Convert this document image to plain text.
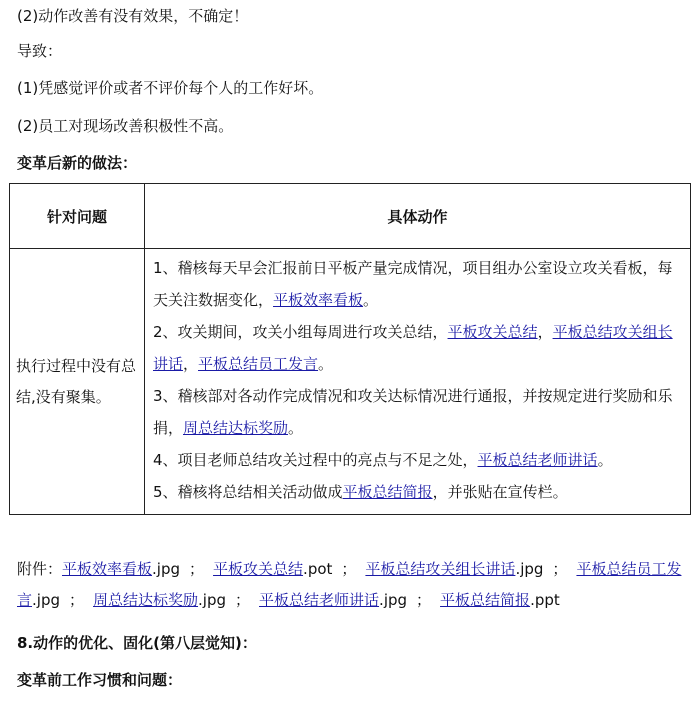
(2)动作改善有没有效果，不确定！
导致：
(1)凭感觉评价或者不评价每个人的工作好坏。
(2)员工对现场改善积极性不高。
变革后新的做法：
针对问题	具体动作
执行过程中没有总结,没有聚集。	1、稽核每天早会汇报前日平板产量完成情况，项目组办公室设立攻关看板，每天关注数据变化，平板效率看板。

2、攻关期间，攻关小组每周进行攻关总结，平板攻关总结，平板总结攻关组长讲话，平板总结员工发言。

3、稽核部对各动作完成情况和攻关达标情况进行通报，并按规定进行奖励和乐捐，周总结达标奖励。

4、项目老师总结攻关过程中的亮点与不足之处，平板总结老师讲话。

5、稽核将总结相关活动做成平板总结简报，并张贴在宣传栏。

附件：平板效率看板.jpg ； 平板攻关总结.pot ； 平板总结攻关组长讲话.jpg ； 平板总结员工发言.jpg ； 周总结达标奖励.jpg ； 平板总结老师讲话.jpg ； 平板总结简报.ppt
8.动作的优化、固化(第八层觉知)：
变革前工作习惯和问题：
